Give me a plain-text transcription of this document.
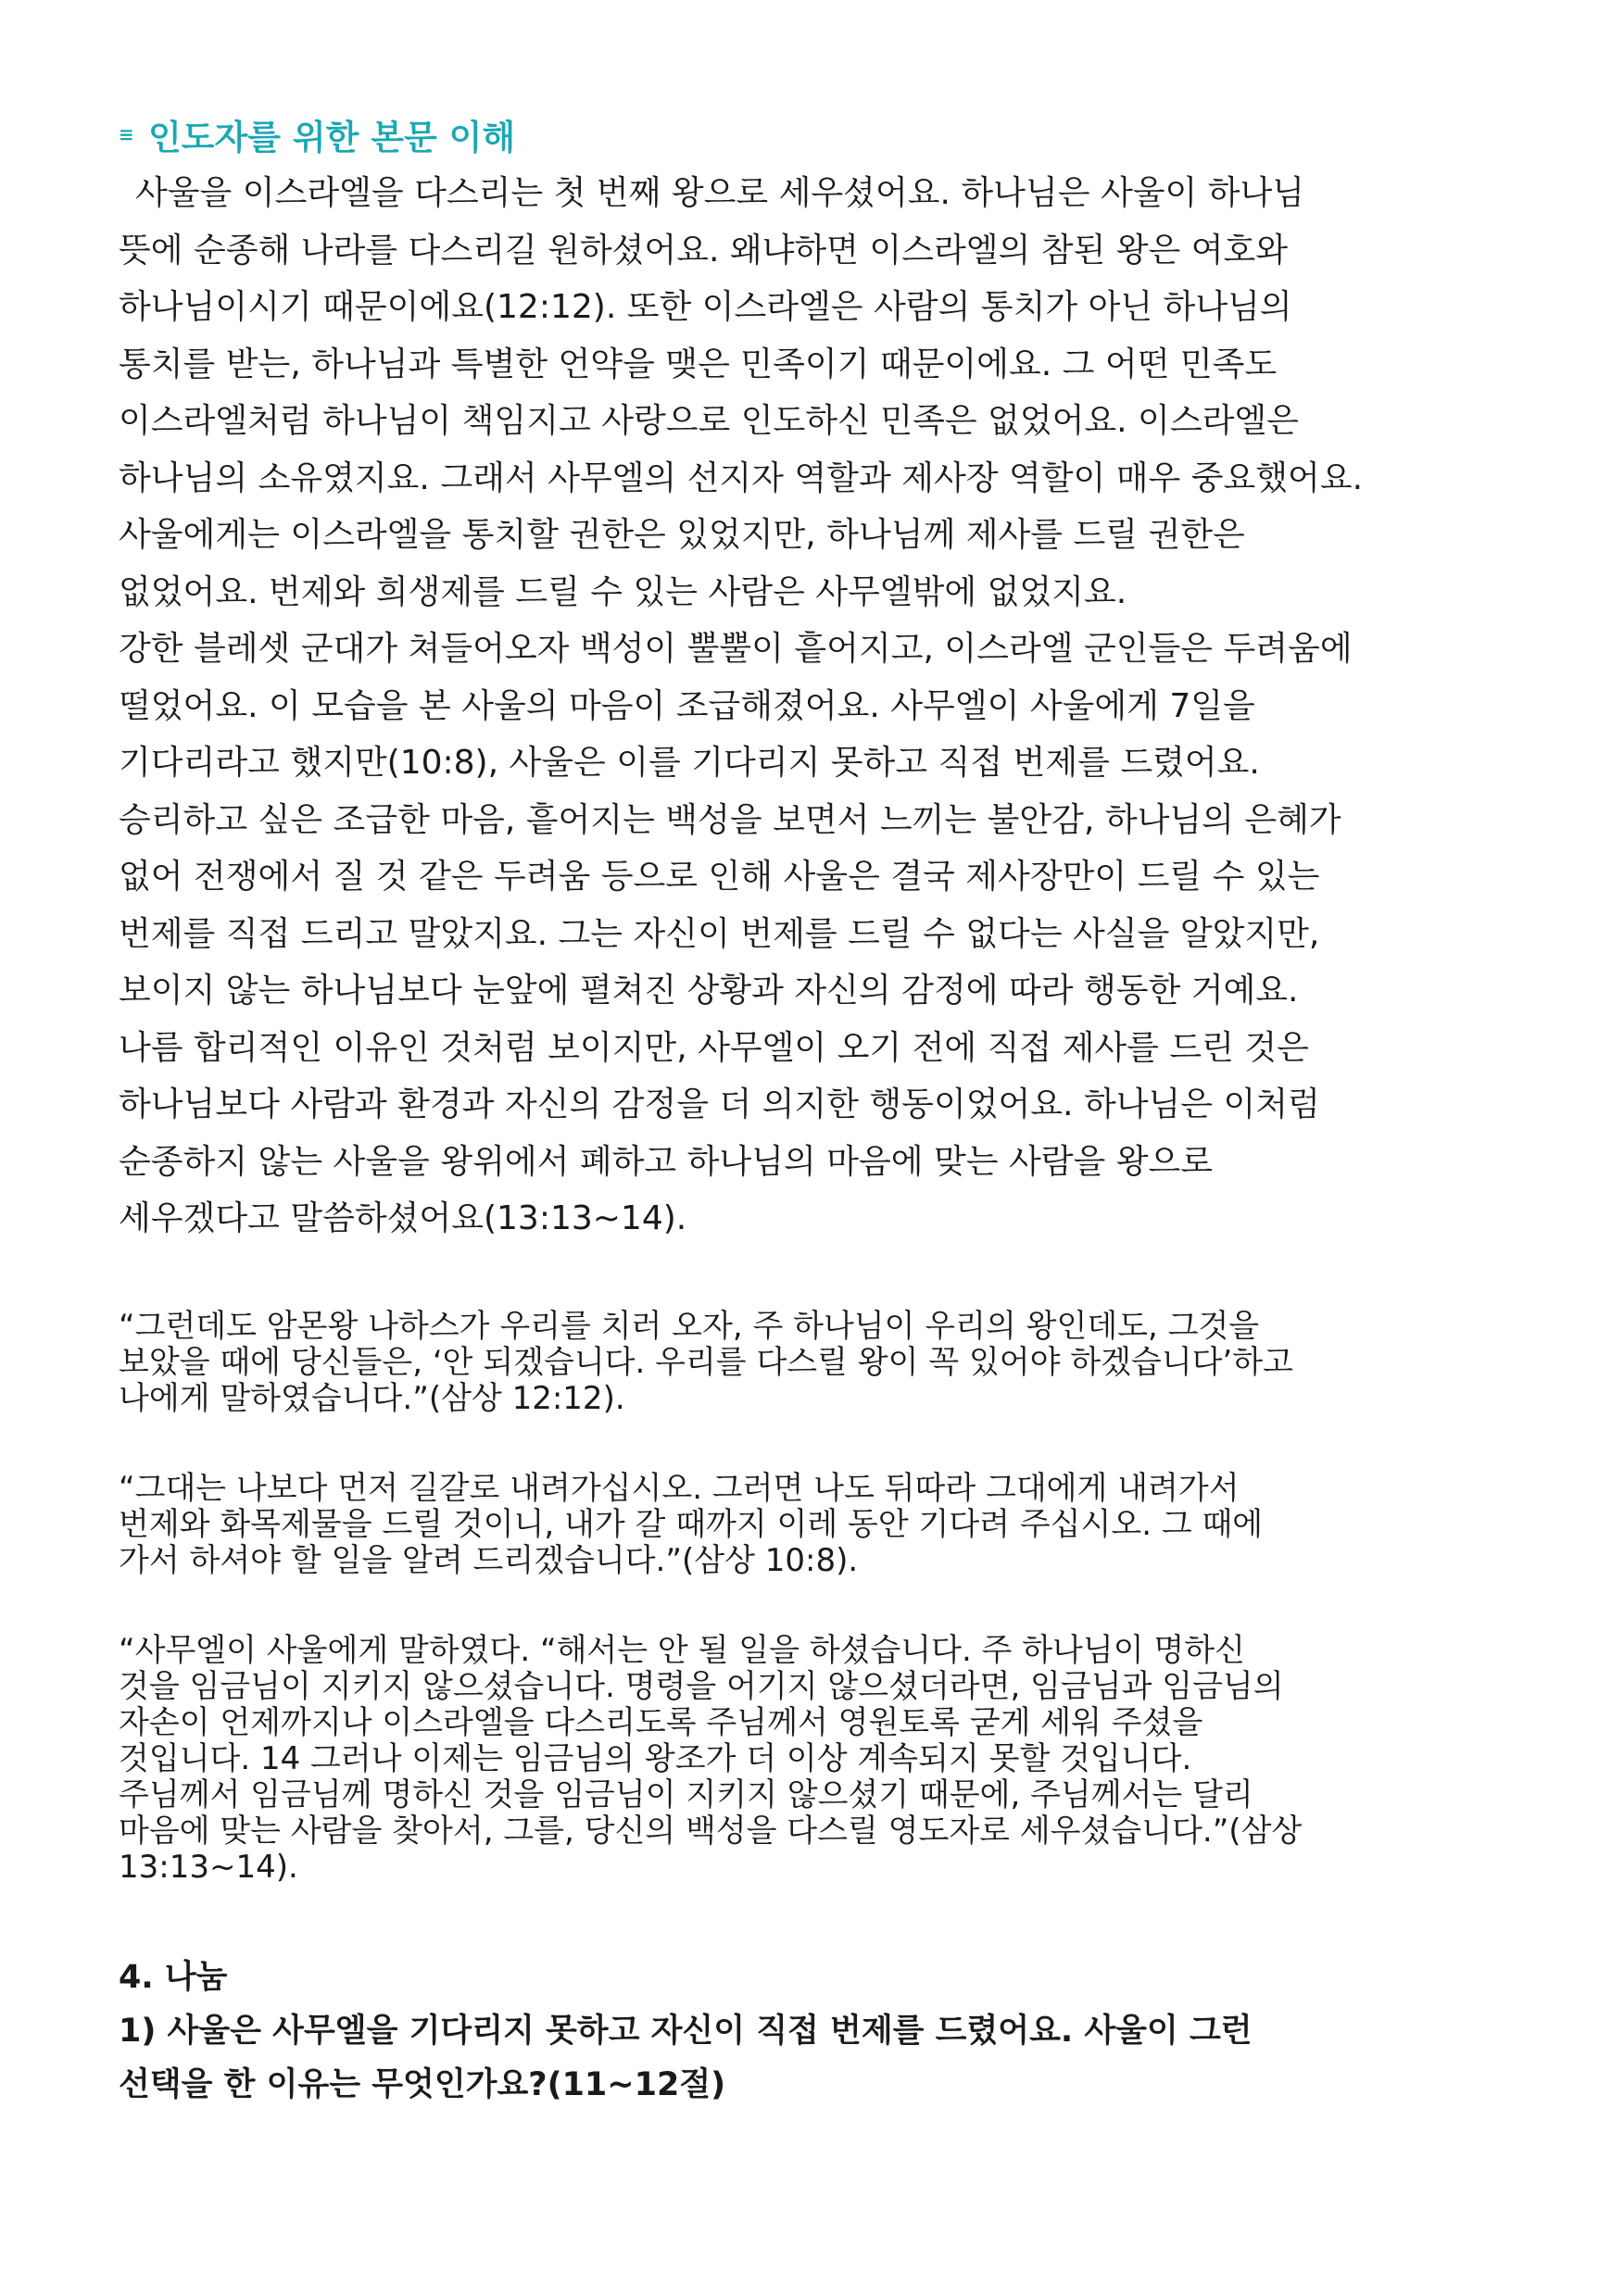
≡ 인도자를 위한 본문 이해
사울을 이스라엘을 다스리는 첫 번째 왕으로 세우셨어요. 하나님은 사울이 하나님
뜻에 순종해 나라를 다스리길 원하셨어요. 왜냐하면 이스라엘의 참된 왕은 여호와
하나님이시기 때문이에요(12:12). 또한 이스라엘은 사람의 통치가 아닌 하나님의
통치를 받는, 하나님과 특별한 언약을 맺은 민족이기 때문이에요. 그 어떤 민족도
이스라엘처럼 하나님이 책임지고 사랑으로 인도하신 민족은 없었어요. 이스라엘은
하나님의 소유였지요. 그래서 사무엘의 선지자 역할과 제사장 역할이 매우 중요했어요.
사울에게는 이스라엘을 통치할 권한은 있었지만, 하나님께 제사를 드릴 권한은
없었어요. 번제와 희생제를 드릴 수 있는 사람은 사무엘밖에 없었지요.
강한 블레셋 군대가 쳐들어오자 백성이 뿔뿔이 흩어지고, 이스라엘 군인들은 두려움에
떨었어요. 이 모습을 본 사울의 마음이 조급해졌어요. 사무엘이 사울에게 7일을
기다리라고 했지만(10:8), 사울은 이를 기다리지 못하고 직접 번제를 드렸어요.
승리하고 싶은 조급한 마음, 흩어지는 백성을 보면서 느끼는 불안감, 하나님의 은혜가
없어 전쟁에서 질 것 같은 두려움 등으로 인해 사울은 결국 제사장만이 드릴 수 있는
번제를 직접 드리고 말았지요. 그는 자신이 번제를 드릴 수 없다는 사실을 알았지만,
보이지 않는 하나님보다 눈앞에 펼쳐진 상황과 자신의 감정에 따라 행동한 거예요.
나름 합리적인 이유인 것처럼 보이지만, 사무엘이 오기 전에 직접 제사를 드린 것은
하나님보다 사람과 환경과 자신의 감정을 더 의지한 행동이었어요. 하나님은 이처럼
순종하지 않는 사울을 왕위에서 폐하고 하나님의 마음에 맞는 사람을 왕으로
세우겠다고 말씀하셨어요(13:13~14).
“그런데도 암몬왕 나하스가 우리를 치러 오자, 주 하나님이 우리의 왕인데도, 그것을
보았을 때에 당신들은, ‘안 되겠습니다. 우리를 다스릴 왕이 꼭 있어야 하겠습니다’하고
나에게 말하였습니다.”(삼상 12:12).
“그대는 나보다 먼저 길갈로 내려가십시오. 그러면 나도 뒤따라 그대에게 내려가서
번제와 화목제물을 드릴 것이니, 내가 갈 때까지 이레 동안 기다려 주십시오. 그 때에
가서 하셔야 할 일을 알려 드리겠습니다.”(삼상 10:8).
“사무엘이 사울에게 말하였다. “해서는 안 될 일을 하셨습니다. 주 하나님이 명하신
것을 임금님이 지키지 않으셨습니다. 명령을 어기지 않으셨더라면, 임금님과 임금님의
자손이 언제까지나 이스라엘을 다스리도록 주님께서 영원토록 굳게 세워 주셨을
것입니다. 14 그러나 이제는 임금님의 왕조가 더 이상 계속되지 못할 것입니다.
주님께서 임금님께 명하신 것을 임금님이 지키지 않으셨기 때문에, 주님께서는 달리
마음에 맞는 사람을 찾아서, 그를, 당신의 백성을 다스릴 영도자로 세우셨습니다.”(삼상
13:13~14).
4. 나눔
1) 사울은 사무엘을 기다리지 못하고 자신이 직접 번제를 드렸어요. 사울이 그런
선택을 한 이유는 무엇인가요?(11~12절)
